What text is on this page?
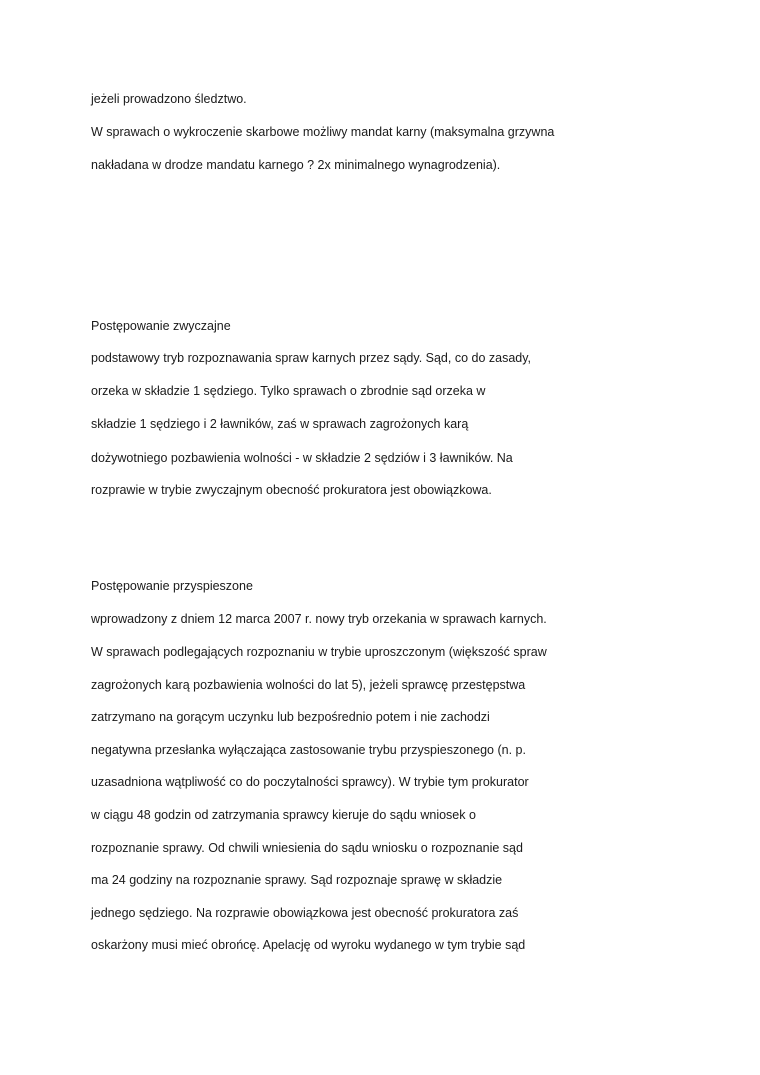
jeżeli prowadzono śledztwo.
W sprawach o wykroczenie skarbowe możliwy mandat karny (maksymalna grzywna
nakładana w drodze mandatu karnego ? 2x minimalnego wynagrodzenia).
Postępowanie zwyczajne
podstawowy tryb rozpoznawania spraw karnych przez sądy. Sąd, co do zasady,
orzeka w składzie 1 sędziego. Tylko sprawach o zbrodnie sąd orzeka w
składzie 1 sędziego i 2 ławników, zaś w sprawach zagrożonych karą
dożywotniego pozbawienia wolności - w składzie 2 sędziów i 3 ławników. Na
rozprawie w trybie zwyczajnym obecność prokuratora jest obowiązkowa.
Postępowanie przyspieszone
wprowadzony z dniem 12 marca 2007 r. nowy tryb orzekania w sprawach karnych.
W sprawach podlegających rozpoznaniu w trybie uproszczonym (większość spraw
zagrożonych karą pozbawienia wolności do lat 5), jeżeli sprawcę przestępstwa
zatrzymano na gorącym uczynku lub bezpośrednio potem i nie zachodzi
negatywna przesłanka wyłączająca zastosowanie trybu przyspieszonego (n. p.
uzasadniona wątpliwość co do poczytalności sprawcy). W trybie tym prokurator
w ciągu 48 godzin od zatrzymania sprawcy kieruje do sądu wniosek o
rozpoznanie sprawy. Od chwili wniesienia do sądu wniosku o rozpoznanie sąd
ma 24 godziny na rozpoznanie sprawy. Sąd rozpoznaje sprawę w składzie
jednego sędziego. Na rozprawie obowiązkowa jest obecność prokuratora zaś
oskarżony musi mieć obrońcę. Apelację od wyroku wydanego w tym trybie sąd
